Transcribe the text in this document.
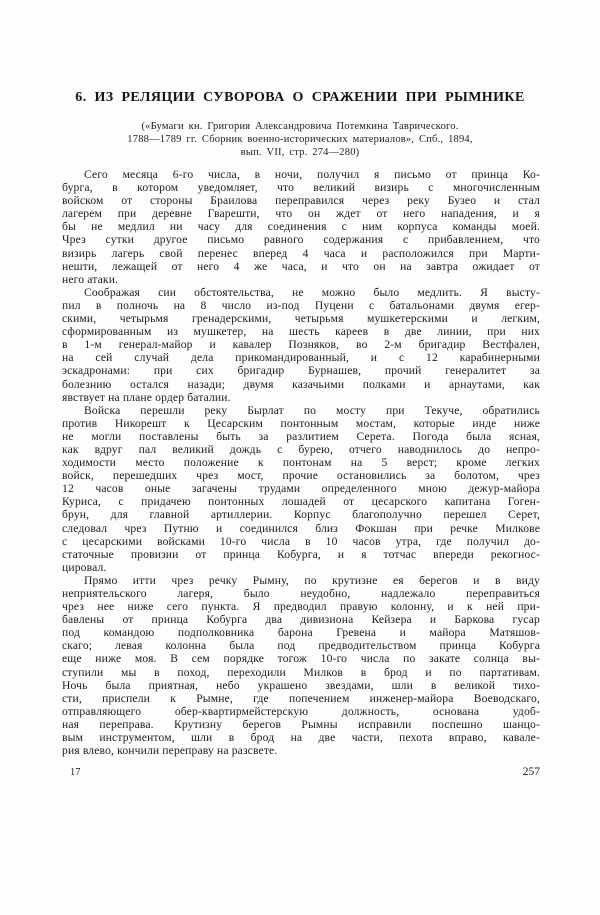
6. ИЗ РЕЛЯЦИИ СУВОРОВА О СРАЖЕНИИ ПРИ РЫМНИКЕ
(«Бумаги кн. Григория Александровича Потемкина Таврического.
1788—1789 гг. Сборник военно-исторических материалов», Спб., 1894,
вып. VII, стр. 274—280)
Сего месяца 6-го числа, в ночи, получил я письмо от принца Ко-
бурга, в котором уведомляет, что великий визирь с многочисленным
войском от стороны Браилова переправился через реку Бузео и стал
лагерем при деревне Гварешти, что он ждет от него нападения, и я
бы не медлил ни часу для соединения с ним корпуса команды моей.
Чрез сутки другое письмо равного содержания с прибавлением, что
визирь лагерь свой перенес вперед 4 часа и расположился при Марти-
нешти, лежащей от него 4 же часа, и что он на завтра ожидает от
него атаки.
Соображая сии обстоятельства, не можно было медлить. Я высту-
пил в полночь на 8 число из-под Пуцени с батальонами двумя егер-
скими, четырьмя гренадерскими, четырьмя мушкетерскими и легким,
сформированным из мушкетер, на шесть кареев в две линии, при них
в 1-м генерал-майор и кавалер Позняков, во 2-м бригадир Вестфален,
на сей случай дела прикомандированный, и с 12 карабинерными
эскадронами: при сих бригадир Бурнашев, прочий генералитет за
болезнию остался назади; двумя казачьими полками и арнаутами, как
явствует на плане ордер баталии.
Войска перешли реку Бырлат по мосту при Текуче, обратились
против Никорешт к Цесарским понтонным мостам, которые инде ниже
не могли поставлены быть за разлитием Серета. Погода была ясная,
как вдруг пал великий дождь с бурею, отчего наводнилось до непро-
ходимости место положение к понтонам на 5 верст; кроме легких
войск, перешедших чрез мост, прочие остановились за болотом, чрез
12 часов оные загачены трудами определенного мною дежур-майора
Куриса, с придачею понтонных лошадей от цесарского капитана Гоген-
брун, для главной артиллерии. Корпус благополучно перешел Серет,
следовал чрез Путню и соединился близ Фокшан при речке Милкове
с цесарскими войсками 10-го числа в 10 часов утра, где получил до-
статочные провизии от принца Кобурга, и я тотчас впереди рекогнос-
цировал.
Прямо итти чрез речку Рымну, по крутизне ея берегов и в виду
неприятельского лагеря, было неудобно, надлежало переправиться
чрез нее ниже сего пункта. Я предводил правую колонну, и к ней при-
бавлены от принца Кобурга два дивизиона Кейзера и Баркова гусар
под командою подполковника барона Гревена и майора Матяшов-
скаго; левая колонна была под предводительством принца Кобурга
еще ниже моя. В сем порядке тогож 10-го числа по закате солнца вы-
ступили мы в поход, переходили Милков в брод и по партативам.
Ночь была приятная, небо украшено звездами, шли в великой тихо-
сти, приспели к Рымне, где попечением инженер-майора Воеводскаго,
отправляющего обер-квартирмейстерскую должность, основана удоб-
ная переправа. Крутизну берегов Рымны исправили поспешно шанцо-
вым инструментом, шли в брод на две части, пехота вправо, кавале-
рия влево, кончили переправу на разсвете.
17	257
